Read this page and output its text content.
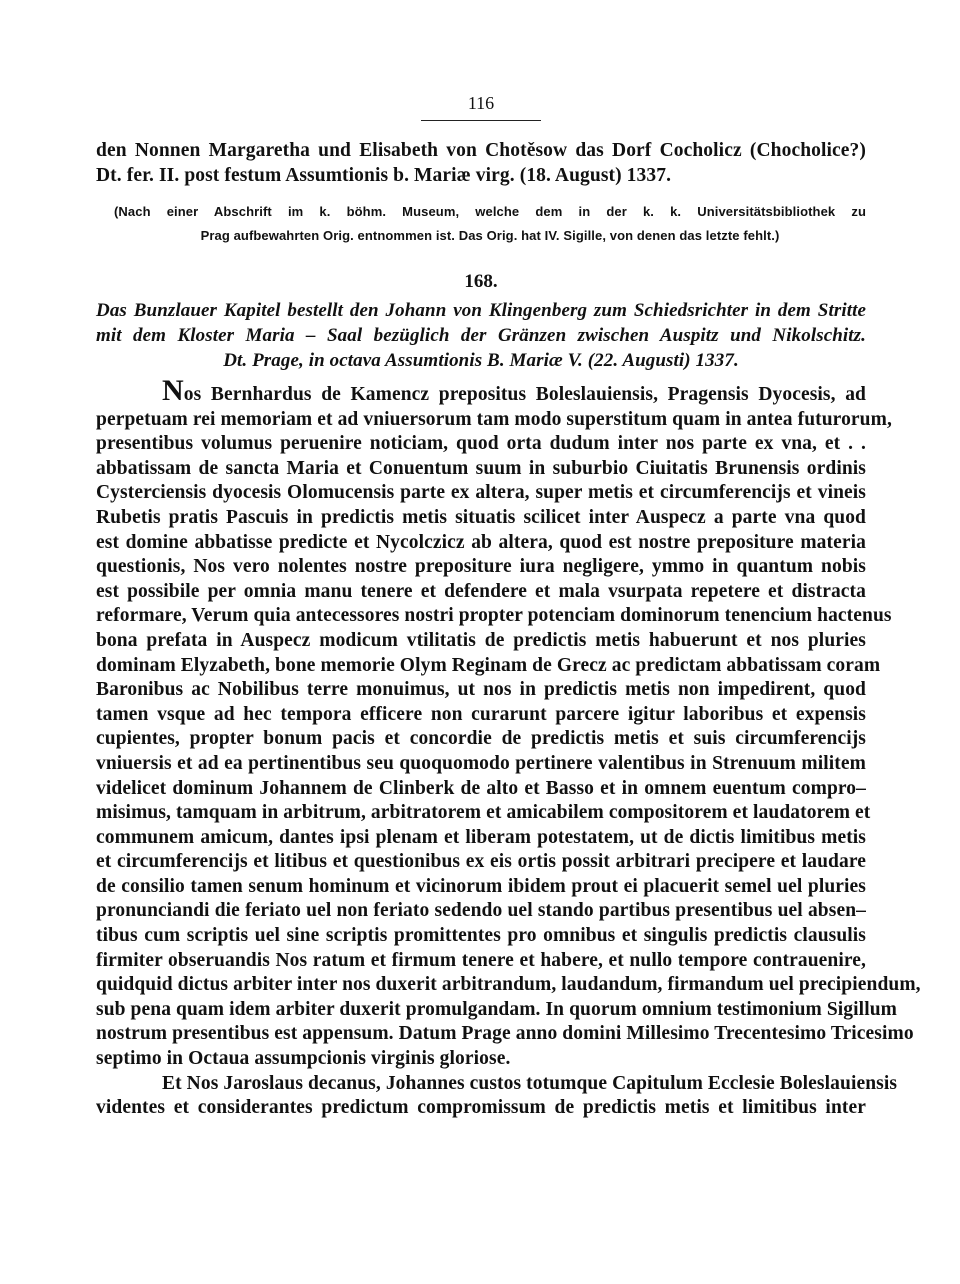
116

den Nonnen Margaretha und Elisabeth von Chotěsow das Dorf Cocholicz (Chocholice?)
Dt. fer. II. post festum Assumtionis b. Mariæ virg. (18. August) 1337.
(Nach einer Abschrift im k. böhm. Museum, welche dem in der k. k. Universitätsbibliothek zu
Prag aufbewahrten Orig. entnommen ist. Das Orig. hat IV. Sigille, von denen das letzte fehlt.)

168.

Das Bunzlauer Kapitel bestellt den Johann von Klingenberg zum Schiedsrichter in dem Stritte
mit dem Kloster Maria – Saal bezüglich der Gränzen zwischen Auspitz und Nikolschitz.
Dt. Prage, in octava Assumtionis B. Mariæ V. (22. Augusti) 1337.
Nos Bernhardus de Kamencz prepositus Boleslauiensis, Pragensis Dyocesis, ad
perpetuam rei memoriam et ad vniuersorum tam modo superstitum quam in antea futurorum,
presentibus volumus peruenire noticiam, quod orta dudum inter nos parte ex vna, et . .
abbatissam de sancta Maria et Conuentum suum in suburbio Ciuitatis Brunensis ordinis
Cysterciensis dyocesis Olomucensis parte ex altera, super metis et circumferencijs et vineis
Rubetis pratis Pascuis in predictis metis situatis scilicet inter Auspecz a parte vna quod
est domine abbatisse predicte et Nycolczicz ab altera, quod est nostre prepositure materia
questionis, Nos vero nolentes nostre prepositure iura negligere, ymmo in quantum nobis
est possibile per omnia manu tenere et defendere et mala vsurpata repetere et distracta
reformare, Verum quia antecessores nostri propter potenciam dominorum tenencium hactenus
bona prefata in Auspecz modicum vtilitatis de predictis metis habuerunt et nos pluries
dominam Elyzabeth, bone memorie Olym Reginam de Grecz ac predictam abbatissam coram
Baronibus ac Nobilibus terre monuimus, ut nos in predictis metis non impedirent, quod
tamen vsque ad hec tempora efficere non curarunt parcere igitur laboribus et expensis
cupientes, propter bonum pacis et concordie de predictis metis et suis circumferencijs
vniuersis et ad ea pertinentibus seu quoquomodo pertinere valentibus in Strenuum militem
videlicet dominum Johannem de Clinberk de alto et Basso et in omnem euentum compro–
misimus, tamquam in arbitrum, arbitratorem et amicabilem compositorem et laudatorem et
communem amicum, dantes ipsi plenam et liberam potestatem, ut de dictis limitibus metis
et circumferencijs et litibus et questionibus ex eis ortis possit arbitrari precipere et laudare
de consilio tamen senum hominum et vicinorum ibidem prout ei placuerit semel uel pluries
pronunciandi die feriato uel non feriato sedendo uel stando partibus presentibus uel absen–
tibus cum scriptis uel sine scriptis promittentes pro omnibus et singulis predictis clausulis
firmiter obseruandis Nos ratum et firmum tenere et habere, et nullo tempore contrauenire,
quidquid dictus arbiter inter nos duxerit arbitrandum, laudandum, firmandum uel precipiendum,
sub pena quam idem arbiter duxerit promulgandam. In quorum omnium testimonium Sigillum
nostrum presentibus est appensum. Datum Prage anno domini Millesimo Trecentesimo Tricesimo
septimo in Octaua assumpcionis virginis gloriose.
Et Nos Jaroslaus decanus, Johannes custos totumque Capitulum Ecclesie Boleslauiensis
videntes et considerantes predictum compromissum de predictis metis et limitibus inter
